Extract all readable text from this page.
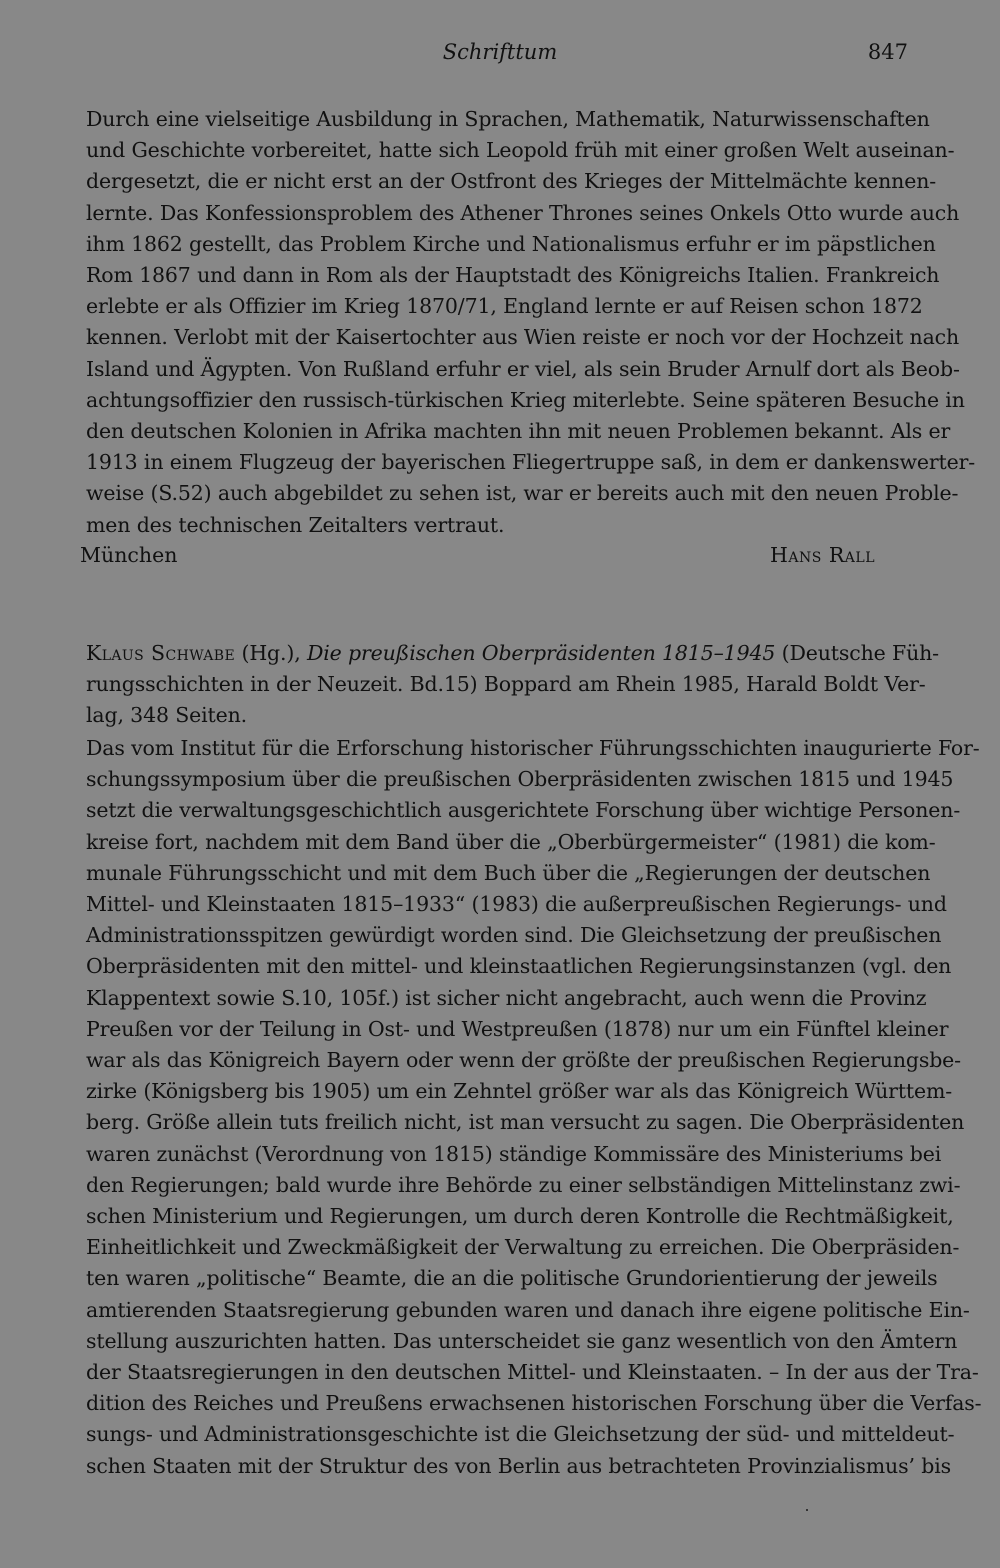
Schrifttum	847
Durch eine vielseitige Ausbildung in Sprachen, Mathematik, Naturwissenschaften
und Geschichte vorbereitet, hatte sich Leopold früh mit einer großen Welt auseinan-
dergesetzt, die er nicht erst an der Ostfront des Krieges der Mittelmächte kennen-
lernte. Das Konfessionsproblem des Athener Thrones seines Onkels Otto wurde auch
ihm 1862 gestellt, das Problem Kirche und Nationalismus erfuhr er im päpstlichen
Rom 1867 und dann in Rom als der Hauptstadt des Königreichs Italien. Frankreich
erlebte er als Offizier im Krieg 1870/71, England lernte er auf Reisen schon 1872
kennen. Verlobt mit der Kaisertochter aus Wien reiste er noch vor der Hochzeit nach
Island und Ägypten. Von Rußland erfuhr er viel, als sein Bruder Arnulf dort als Beob-
achtungsoffizier den russisch-türkischen Krieg miterlebte. Seine späteren Besuche in
den deutschen Kolonien in Afrika machten ihn mit neuen Problemen bekannt. Als er
1913 in einem Flugzeug der bayerischen Fliegertruppe saß, in dem er dankenswerter-
weise (S.52) auch abgebildet zu sehen ist, war er bereits auch mit den neuen Proble-
men des technischen Zeitalters vertraut.
München	Hans Rall
Klaus Schwabe (Hg.), Die preußischen Oberpräsidenten 1815–1945 (Deutsche Füh-
rungsschichten in der Neuzeit. Bd.15) Boppard am Rhein 1985, Harald Boldt Ver-
lag, 348 Seiten.
Das vom Institut für die Erforschung historischer Führungsschichten inaugurierte For-
schungssymposium über die preußischen Oberpräsidenten zwischen 1815 und 1945
setzt die verwaltungsgeschichtlich ausgerichtete Forschung über wichtige Personen-
kreise fort, nachdem mit dem Band über die „Oberbürgermeister“ (1981) die kom-
munale Führungsschicht und mit dem Buch über die „Regierungen der deutschen
Mittel- und Kleinstaaten 1815–1933“ (1983) die außerpreußischen Regierungs- und
Administrationsspitzen gewürdigt worden sind. Die Gleichsetzung der preußischen
Oberpräsidenten mit den mittel- und kleinstaatlichen Regierungsinstanzen (vgl. den
Klappentext sowie S.10, 105f.) ist sicher nicht angebracht, auch wenn die Provinz
Preußen vor der Teilung in Ost- und Westpreußen (1878) nur um ein Fünftel kleiner
war als das Königreich Bayern oder wenn der größte der preußischen Regierungsbe-
zirke (Königsberg bis 1905) um ein Zehntel größer war als das Königreich Württem-
berg. Größe allein tuts freilich nicht, ist man versucht zu sagen. Die Oberpräsidenten
waren zunächst (Verordnung von 1815) ständige Kommissäre des Ministeriums bei
den Regierungen; bald wurde ihre Behörde zu einer selbständigen Mittelinstanz zwi-
schen Ministerium und Regierungen, um durch deren Kontrolle die Rechtmäßigkeit,
Einheitlichkeit und Zweckmäßigkeit der Verwaltung zu erreichen. Die Oberpräsiden-
ten waren „politische“ Beamte, die an die politische Grundorientierung der jeweils
amtierenden Staatsregierung gebunden waren und danach ihre eigene politische Ein-
stellung auszurichten hatten. Das unterscheidet sie ganz wesentlich von den Ämtern
der Staatsregierungen in den deutschen Mittel- und Kleinstaaten. – In der aus der Tra-
dition des Reiches und Preußens erwachsenen historischen Forschung über die Verfas-
sungs- und Administrationsgeschichte ist die Gleichsetzung der süd- und mitteldeut-
schen Staaten mit der Struktur des von Berlin aus betrachteten Provinzialismus’ bis
